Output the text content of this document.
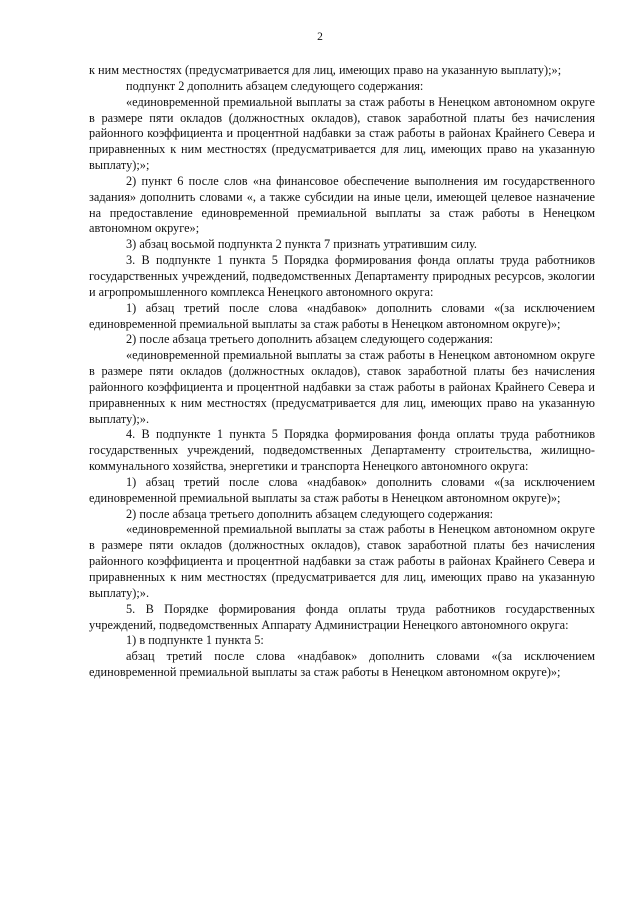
2

к ним местностях (предусматривается для лиц, имеющих право на указанную выплату);»;

подпункт 2 дополнить абзацем следующего содержания:

«единовременной премиальной выплаты за стаж работы в Ненецком автономном округе в размере пяти окладов (должностных окладов), ставок заработной платы без начисления районного коэффициента и процентной надбавки за стаж работы в районах Крайнего Севера и приравненных к ним местностях (предусматривается для лиц, имеющих право на указанную выплату);»;

2) пункт 6 после слов «на финансовое обеспечение выполнения им государственного задания» дополнить словами «, а также субсидии на иные цели, имеющей целевое назначение на предоставление единовременной премиальной выплаты за стаж работы в Ненецком автономном округе»;

3) абзац восьмой подпункта 2 пункта 7 признать утратившим силу.

3. В подпункте 1 пункта 5 Порядка формирования фонда оплаты труда работников государственных учреждений, подведомственных Департаменту природных ресурсов, экологии и агропромышленного комплекса Ненецкого автономного округа:

1) абзац третий после слова «надбавок» дополнить словами «(за исключением единовременной премиальной выплаты за стаж работы в Ненецком автономном округе)»;

2) после абзаца третьего дополнить абзацем следующего содержания:

«единовременной премиальной выплаты за стаж работы в Ненецком автономном округе в размере пяти окладов (должностных окладов), ставок заработной платы без начисления районного коэффициента и процентной надбавки за стаж работы в районах Крайнего Севера и приравненных к ним местностях (предусматривается для лиц, имеющих право на указанную выплату);».

4. В подпункте 1 пункта 5 Порядка формирования фонда оплаты труда работников государственных учреждений, подведомственных Департаменту строительства, жилищно-коммунального хозяйства, энергетики и транспорта Ненецкого автономного округа:

1) абзац третий после слова «надбавок» дополнить словами «(за исключением единовременной премиальной выплаты за стаж работы в Ненецком автономном округе)»;

2) после абзаца третьего дополнить абзацем следующего содержания:

«единовременной премиальной выплаты за стаж работы в Ненецком автономном округе в размере пяти окладов (должностных окладов), ставок заработной платы без начисления районного коэффициента и процентной надбавки за стаж работы в районах Крайнего Севера и приравненных к ним местностях (предусматривается для лиц, имеющих право на указанную выплату);».

5. В Порядке формирования фонда оплаты труда работников государственных учреждений, подведомственных Аппарату Администрации Ненецкого автономного округа:

1) в подпункте 1 пункта 5:

абзац третий после слова «надбавок» дополнить словами «(за исключением единовременной премиальной выплаты за стаж работы в Ненецком автономном округе)»;
